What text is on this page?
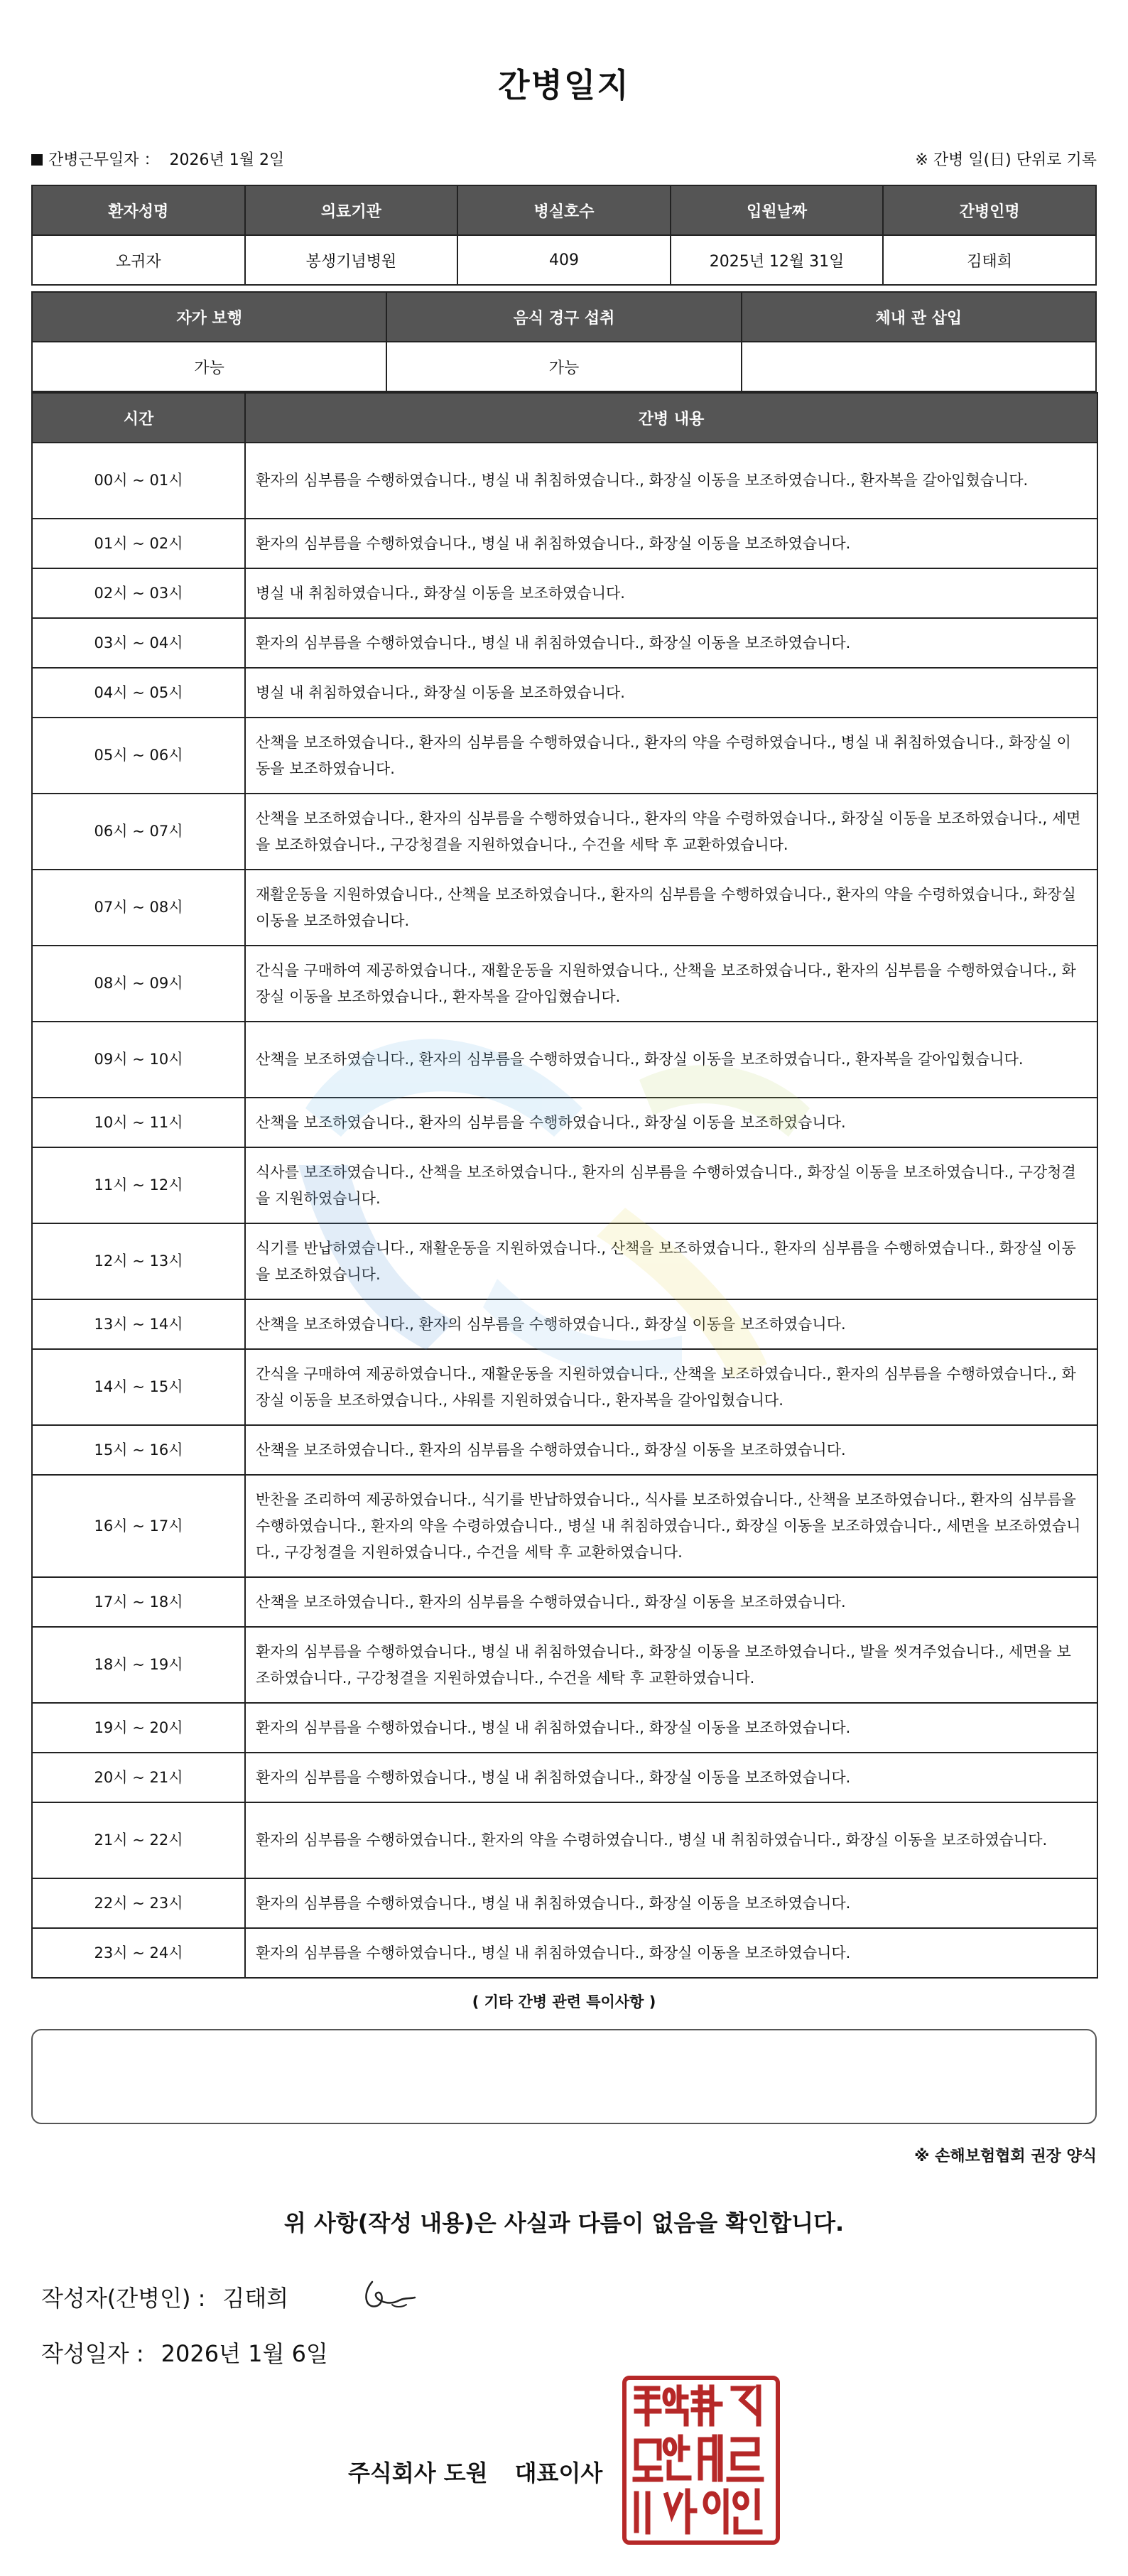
간병일지
간병근무일자 ： 2026년 1월 2일	※ 간병 일(日) 단위로 기록
환자성명	의료기관	병실호수	입원날짜	간병인명
오귀자	봉생기념병원	409	2025년 12월 31일	김태희
자가 보행	음식 경구 섭취	체내 관 삽입
가능	가능	
시간	간병 내용
00시 ~ 01시	환자의 심부름을 수행하였습니다., 병실 내 취침하였습니다., 화장실 이동을 보조하였습니다., 환자복을 갈아입혔습니다.
01시 ~ 02시	환자의 심부름을 수행하였습니다., 병실 내 취침하였습니다., 화장실 이동을 보조하였습니다.
02시 ~ 03시	병실 내 취침하였습니다., 화장실 이동을 보조하였습니다.
03시 ~ 04시	환자의 심부름을 수행하였습니다., 병실 내 취침하였습니다., 화장실 이동을 보조하였습니다.
04시 ~ 05시	병실 내 취침하였습니다., 화장실 이동을 보조하였습니다.
05시 ~ 06시	산책을 보조하였습니다., 환자의 심부름을 수행하였습니다., 환자의 약을 수령하였습니다., 병실 내 취침하였습니다., 화장실 이동을 보조하였습니다.
06시 ~ 07시	산책을 보조하였습니다., 환자의 심부름을 수행하였습니다., 환자의 약을 수령하였습니다., 화장실 이동을 보조하였습니다., 세면을 보조하였습니다., 구강청결을 지원하였습니다., 수건을 세탁 후 교환하였습니다.
07시 ~ 08시	재활운동을 지원하였습니다., 산책을 보조하였습니다., 환자의 심부름을 수행하였습니다., 환자의 약을 수령하였습니다., 화장실 이동을 보조하였습니다.
08시 ~ 09시	간식을 구매하여 제공하였습니다., 재활운동을 지원하였습니다., 산책을 보조하였습니다., 환자의 심부름을 수행하였습니다., 화장실 이동을 보조하였습니다., 환자복을 갈아입혔습니다.
09시 ~ 10시	산책을 보조하였습니다., 환자의 심부름을 수행하였습니다., 화장실 이동을 보조하였습니다., 환자복을 갈아입혔습니다.
10시 ~ 11시	산책을 보조하였습니다., 환자의 심부름을 수행하였습니다., 화장실 이동을 보조하였습니다.
11시 ~ 12시	식사를 보조하였습니다., 산책을 보조하였습니다., 환자의 심부름을 수행하였습니다., 화장실 이동을 보조하였습니다., 구강청결을 지원하였습니다.
12시 ~ 13시	식기를 반납하였습니다., 재활운동을 지원하였습니다., 산책을 보조하였습니다., 환자의 심부름을 수행하였습니다., 화장실 이동을 보조하였습니다.
13시 ~ 14시	산책을 보조하였습니다., 환자의 심부름을 수행하였습니다., 화장실 이동을 보조하였습니다.
14시 ~ 15시	간식을 구매하여 제공하였습니다., 재활운동을 지원하였습니다., 산책을 보조하였습니다., 환자의 심부름을 수행하였습니다., 화장실 이동을 보조하였습니다., 샤워를 지원하였습니다., 환자복을 갈아입혔습니다.
15시 ~ 16시	산책을 보조하였습니다., 환자의 심부름을 수행하였습니다., 화장실 이동을 보조하였습니다.
16시 ~ 17시	반찬을 조리하여 제공하였습니다., 식기를 반납하였습니다., 식사를 보조하였습니다., 산책을 보조하였습니다., 환자의 심부름을 수행하였습니다., 환자의 약을 수령하였습니다., 병실 내 취침하였습니다., 화장실 이동을 보조하였습니다., 세면을 보조하였습니다., 구강청결을 지원하였습니다., 수건을 세탁 후 교환하였습니다.
17시 ~ 18시	산책을 보조하였습니다., 환자의 심부름을 수행하였습니다., 화장실 이동을 보조하였습니다.
18시 ~ 19시	환자의 심부름을 수행하였습니다., 병실 내 취침하였습니다., 화장실 이동을 보조하였습니다., 발을 씻겨주었습니다., 세면을 보조하였습니다., 구강청결을 지원하였습니다., 수건을 세탁 후 교환하였습니다.
19시 ~ 20시	환자의 심부름을 수행하였습니다., 병실 내 취침하였습니다., 화장실 이동을 보조하였습니다.
20시 ~ 21시	환자의 심부름을 수행하였습니다., 병실 내 취침하였습니다., 화장실 이동을 보조하였습니다.
21시 ~ 22시	환자의 심부름을 수행하였습니다., 환자의 약을 수령하였습니다., 병실 내 취침하였습니다., 화장실 이동을 보조하였습니다.
22시 ~ 23시	환자의 심부름을 수행하였습니다., 병실 내 취침하였습니다., 화장실 이동을 보조하였습니다.
23시 ~ 24시	환자의 심부름을 수행하였습니다., 병실 내 취침하였습니다., 화장실 이동을 보조하였습니다.
( 기타 간병 관련 특이사항 )
※ 손해보험협회 권장 양식
위 사항(작성 내용)은 사실과 다름이 없음을 확인합니다.
작성자(간병인) : 김태희
작성일자 : 2026년 1월 6일
주식회사 도원 대표이사
